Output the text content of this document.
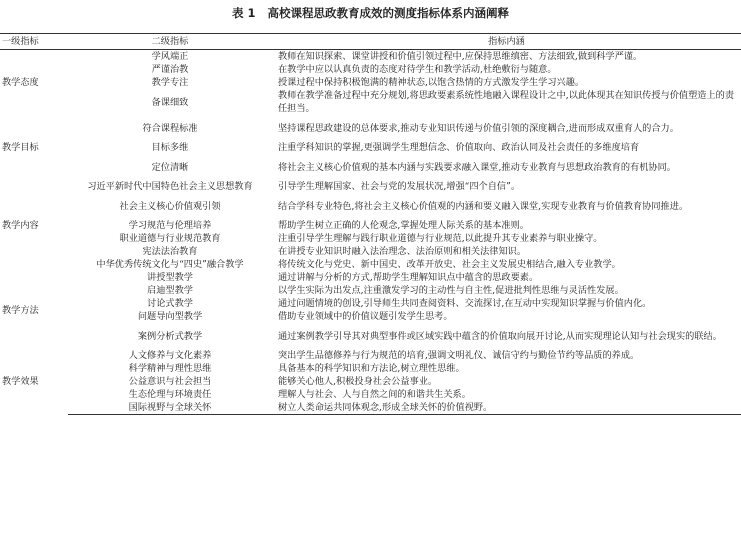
表 1 高校课程思政教育成效的测度指标体系内涵阐释
一级指标	二级指标	指标内涵
教学态度	学风端正	教师在知识探索、课堂讲授和价值引领过程中,应保持思维缜密、方法细致,做到科学严谨。
	严谨治教	在教学中应以认真负责的态度对待学生和教学活动,杜绝敷衍与随意。
	教学专注	授课过程中保持积极饱满的精神状态,以饱含热情的方式激发学生学习兴趣。
	备课细致	教师在教学准备过程中充分规划,将思政要素系统性地融入课程设计之中,以此体现其在知识传授与价值塑造上的责任担当。
教学目标	符合课程标准	坚持课程思政建设的总体要求,推动专业知识传递与价值引领的深度耦合,进而形成双重育人的合力。
	目标多维	注重学科知识的掌握,更强调学生理想信念、价值取向、政治认同及社会责任的多维度培育
	定位清晰	将社会主义核心价值观的基本内涵与实践要求融入课堂,推动专业教育与思想政治教育的有机协同。
教学内容	习近平新时代中国特色社会主义思想教育	引导学生理解国家、社会与党的发展状况,增强“四个自信”。
	社会主义核心价值观引领	结合学科专业特色,将社会主义核心价值观的内涵和要义融入课堂,实现专业教育与价值教育协同推进。
	学习规范与伦理培养	帮助学生树立正确的人伦观念,掌握处理人际关系的基本准则。
	职业道德与行业规范教育	注重引导学生理解与践行职业道德与行业规范,以此提升其专业素养与职业操守。
	宪法法治教育	在讲授专业知识时融入法治理念、法治原则和相关法律知识。
	中华优秀传统文化与“四史”融合教学	将传统文化与党史、新中国史、改革开放史、社会主义发展史相结合,融入专业教学。
教学方法	讲授型教学	通过讲解与分析的方式,帮助学生理解知识点中蕴含的思政要素。
	启迪型教学	以学生实际为出发点,注重激发学习的主动性与自主性,促进批判性思维与灵活性发展。
	讨论式教学	通过问题情境的创设,引导师生共同查阅资料、交流探讨,在互动中实现知识掌握与价值内化。
	问题导向型教学	借助专业领域中的价值议题引发学生思考。
	案例分析式教学	通过案例教学引导其对典型事件或区域实践中蕴含的价值取向展开讨论,从而实现理论认知与社会现实的联结。
教学效果	人文修养与文化素养	突出学生品德修养与行为规范的培育,强调文明礼仪、诚信守约与勤俭节约等品质的养成。
	科学精神与理性思维	具备基本的科学知识和方法论,树立理性思维。
	公益意识与社会担当	能够关心他人,积极投身社会公益事业。
	生态伦理与环境责任	理解人与社会、人与自然之间的和谐共生关系。
	国际视野与全球关怀	树立人类命运共同体观念,形成全球关怀的价值视野。
